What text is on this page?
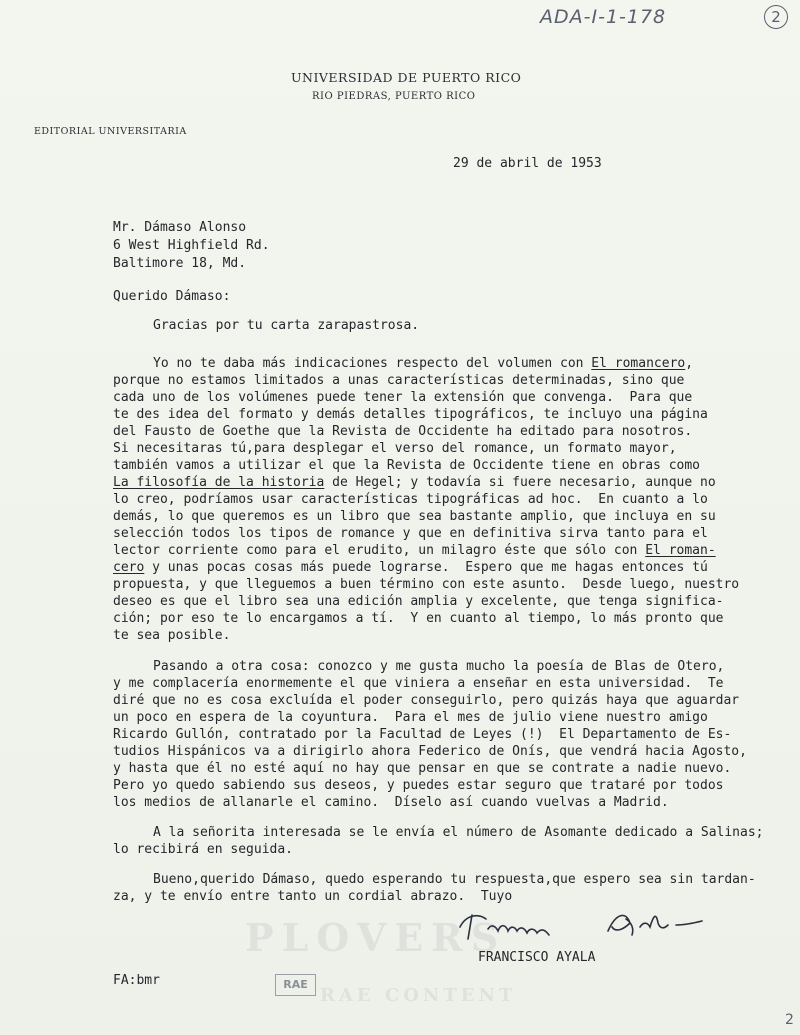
ADA-I-1-178	2
2
PLOVERS
RAE CONTENT
UNIVERSIDAD DE PUERTO RICO
RIO PIEDRAS, PUERTO RICO
EDITORIAL UNIVERSITARIA
29 de abril de 1953
Mr. Dámaso Alonso
6 West Highfield Rd.
Baltimore 18, Md.
Querido Dámaso:
Gracias por tu carta zarapastrosa.
Yo no te daba más indicaciones respecto del volumen con El romancero,
porque no estamos limitados a unas características determinadas, sino que
cada uno de los volúmenes puede tener la extensión que convenga.  Para que
te des idea del formato y demás detalles tipográficos, te incluyo una página
del Fausto de Goethe que la Revista de Occidente ha editado para nosotros.
Si necesitaras tú,para desplegar el verso del romance, un formato mayor,
también vamos a utilizar el que la Revista de Occidente tiene en obras como
La filosofía de la historia de Hegel; y todavía si fuere necesario, aunque no
lo creo, podríamos usar características tipográficas ad hoc.  En cuanto a lo
demás, lo que queremos es un libro que sea bastante amplio, que incluya en su
selección todos los tipos de romance y que en definitiva sirva tanto para el
lector corriente como para el erudito, un milagro éste que sólo con El roman-
cero y unas pocas cosas más puede lograrse.  Espero que me hagas entonces tú
propuesta, y que lleguemos a buen término con este asunto.  Desde luego, nuestro
deseo es que el libro sea una edición amplia y excelente, que tenga significa-
ción; por eso te lo encargamos a tí.  Y en cuanto al tiempo, lo más pronto que
te sea posible.
Pasando a otra cosa: conozco y me gusta mucho la poesía de Blas de Otero,
y me complacería enormemente el que viniera a enseñar en esta universidad.  Te
diré que no es cosa excluída el poder conseguirlo, pero quizás haya que aguardar
un poco en espera de la coyuntura.  Para el mes de julio viene nuestro amigo
Ricardo Gullón, contratado por la Facultad de Leyes (!)  El Departamento de Es-
tudios Hispánicos va a dirigirlo ahora Federico de Onís, que vendrá hacia Agosto,
y hasta que él no esté aquí no hay que pensar en que se contrate a nadie nuevo.
Pero yo quedo sabiendo sus deseos, y puedes estar seguro que trataré por todos
los medios de allanarle el camino.  Díselo así cuando vuelvas a Madrid.
A la señorita interesada se le envía el número de Asomante dedicado a Salinas;
lo recibirá en seguida.
Bueno,querido Dámaso, quedo esperando tu respuesta,que espero sea sin tardan-
za, y te envío entre tanto un cordial abrazo.  Tuyo
FRANCISCO AYALA
FA:bmr	RAE
